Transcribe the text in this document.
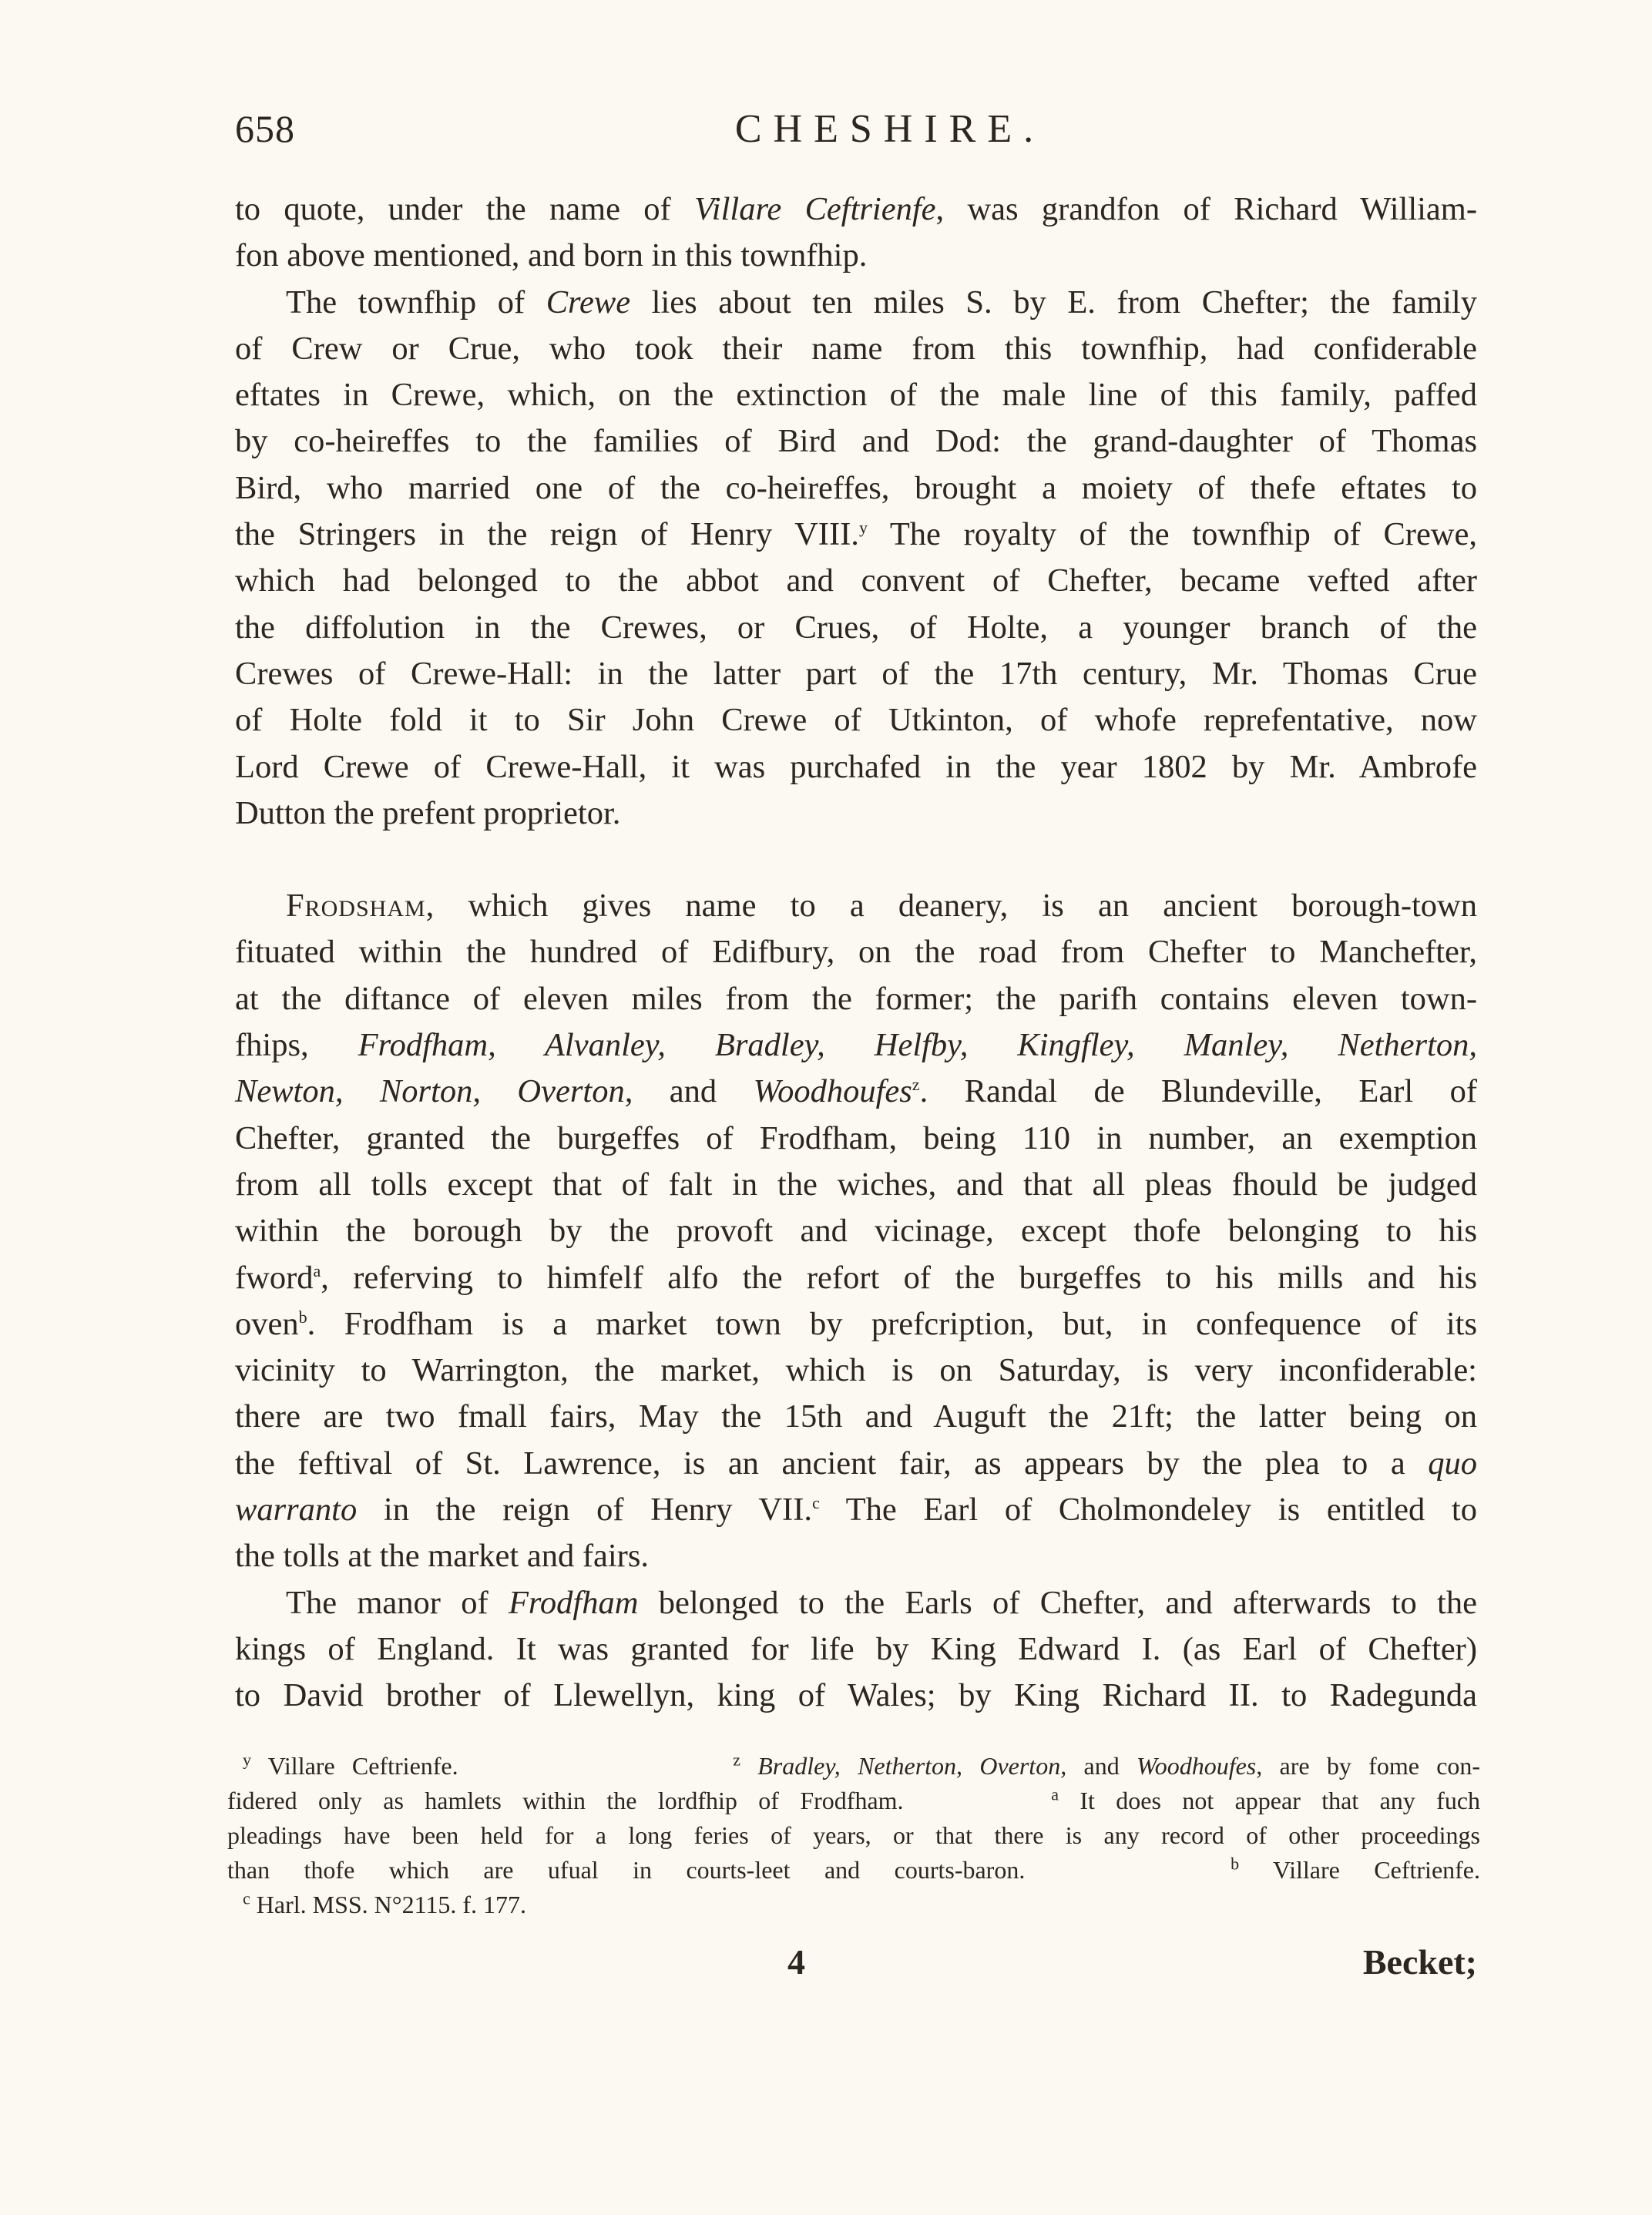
658	CHESHIRE.
to quote, under the name of Villare Ceftrienfe, was grandfon of Richard William-
fon above mentioned, and born in this townfhip.
The townfhip of Crewe lies about ten miles S. by E. from Chefter; the family
of Crew or Crue, who took their name from this townfhip, had confiderable
eftates in Crewe, which, on the extinction of the male line of this family, paffed
by co-heireffes to the families of Bird and Dod: the grand-daughter of Thomas
Bird, who married one of the co-heireffes, brought a moiety of thefe eftates to
the Stringers in the reign of Henry VIII.$^y$ The royalty of the townfhip of Crewe,
which had belonged to the abbot and convent of Chefter, became vefted after
the diffolution in the Crewes, or Crues, of Holte, a younger branch of the
Crewes of Crewe-Hall: in the latter part of the 17th century, Mr. Thomas Crue
of Holte fold it to Sir John Crewe of Utkinton, of whofe reprefentative, now
Lord Crewe of Crewe-Hall, it was purchafed in the year 1802 by Mr. Ambrofe
Dutton the prefent proprietor.
Frodsham, which gives name to a deanery, is an ancient borough-town
fituated within the hundred of Edifbury, on the road from Chefter to Manchefter,
at the diftance of eleven miles from the former; the parifh contains eleven town-
fhips, Frodfham, Alvanley, Bradley, Helfby, Kingfley, Manley, Netherton,
Newton, Norton, Overton, and Woodhoufes$^z$. Randal de Blundeville, Earl of
Chefter, granted the burgeffes of Frodfham, being 110 in number, an exemption
from all tolls except that of falt in the wiches, and that all pleas fhould be judged
within the borough by the provoft and vicinage, except thofe belonging to his
fword$^a$, referving to himfelf alfo the refort of the burgeffes to his mills and his
oven$^b$. Frodfham is a market town by prefcription, but, in confequence of its
vicinity to Warrington, the market, which is on Saturday, is very inconfiderable:
there are two fmall fairs, May the 15th and Auguft the 21ft; the latter being on
the feftival of St. Lawrence, is an ancient fair, as appears by the plea to a quo
warranto in the reign of Henry VII.$^c$ The Earl of Cholmondeley is entitled to
the tolls at the market and fairs.
The manor of Frodfham belonged to the Earls of Chefter, and afterwards to the
kings of England. It was granted for life by King Edward I. (as Earl of Chefter)
to David brother of Llewellyn, king of Wales; by King Richard II. to Radegunda
$^y$ Villare Ceftrienfe.	$^z$ Bradley, Netherton, Overton, and Woodhoufes, are by fome con-
fidered only as hamlets within the lordfhip of Frodfham.	$^a$ It does not appear that any fuch
pleadings have been held for a long feries of years, or that there is any record of other proceedings
than thofe which are ufual in courts-leet and courts-baron.	$^b$ Villare Ceftrienfe.
$^c$ Harl. MSS. N°2115. f. 177.
4	Becket;
